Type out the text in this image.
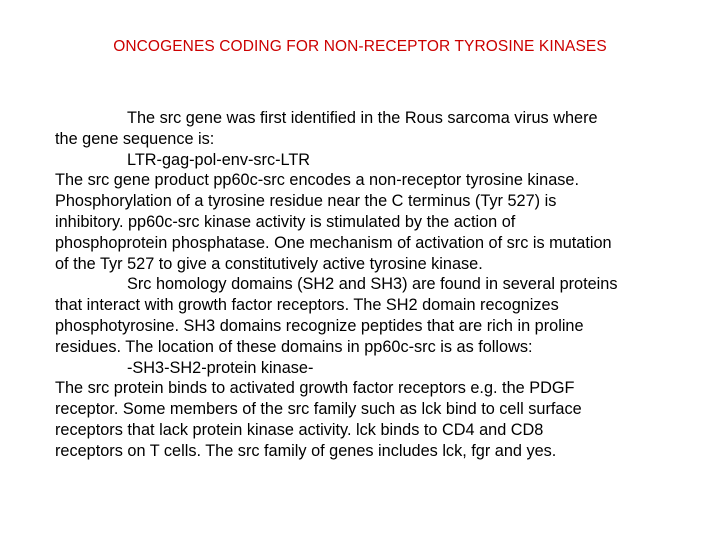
ONCOGENES CODING FOR NON-RECEPTOR TYROSINE KINASES
The src gene was first identified in the Rous sarcoma virus where
the gene sequence is:
LTR-gag-pol-env-src-LTR
The src gene product pp60c-src encodes a non-receptor tyrosine kinase.
Phosphorylation of a tyrosine residue near the C terminus (Tyr 527) is
inhibitory. pp60c-src kinase activity is stimulated by the action of
phosphoprotein phosphatase. One mechanism of activation of src is mutation
of the Tyr 527 to give a constitutively active tyrosine kinase.
Src homology domains (SH2 and SH3) are found in several proteins
that interact with growth factor receptors. The SH2 domain recognizes
phosphotyrosine. SH3 domains recognize peptides that are rich in proline
residues. The location of these domains in pp60c-src is as follows:
-SH3-SH2-protein kinase-
The src protein binds to activated growth factor receptors e.g. the PDGF
receptor. Some members of the src family such as lck bind to cell surface
receptors that lack protein kinase activity. lck binds to CD4 and CD8
receptors on T cells. The src family of genes includes lck, fgr and yes.
